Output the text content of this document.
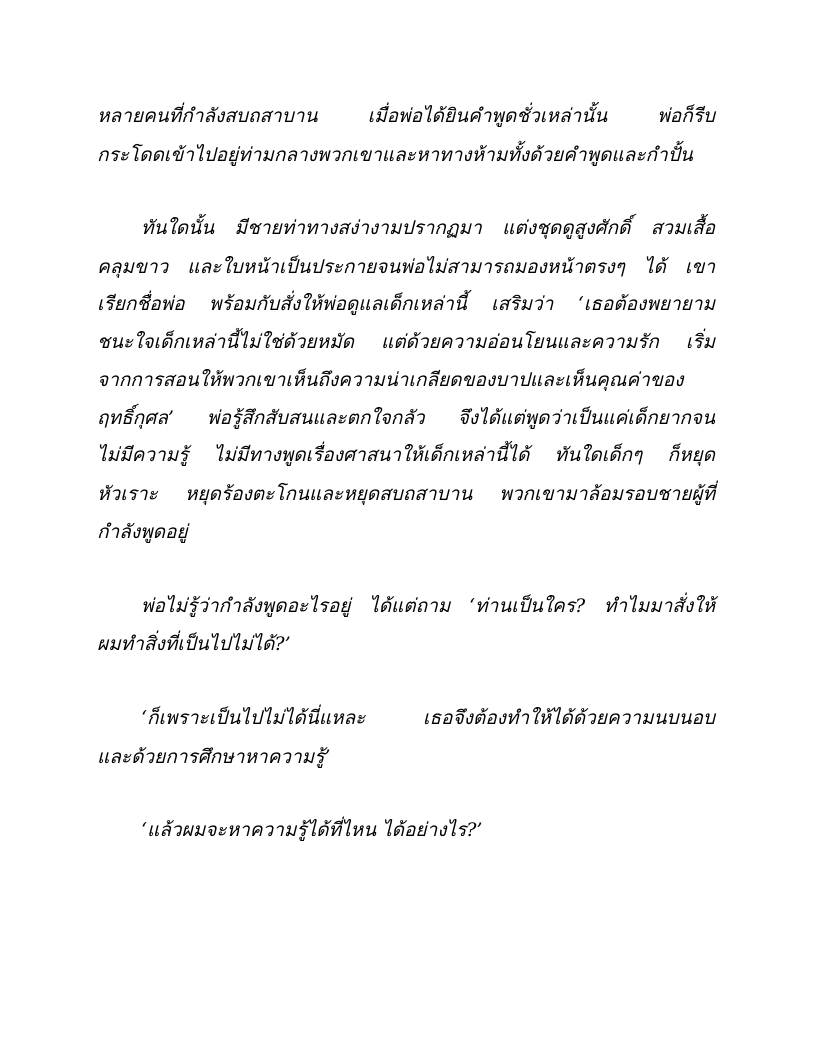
หลายคนที่กำลังสบถสาบาน เมื่อพ่อได้ยินคำพูดชั่วเหล่านั้น พ่อก็รีบ
กระโดดเข้าไปอยู่ท่ามกลางพวกเขาและหาทางห้ามทั้งด้วยคำพูดและกำปั้น
ทันใดนั้น มีชายท่าทางสง่างามปรากฏมา แต่งชุดดูสูงศักดิ์ สวมเสื้อ
คลุมขาว และใบหน้าเป็นประกายจนพ่อไม่สามารถมองหน้าตรงๆ ได้ เขา
เรียกชื่อพ่อ พร้อมกับสั่งให้พ่อดูแลเด็กเหล่านี้ เสริมว่า ‘เธอต้องพยายาม
ชนะใจเด็กเหล่านี้ไม่ใช่ด้วยหมัด แต่ด้วยความอ่อนโยนและความรัก เริ่ม
จากการสอนให้พวกเขาเห็นถึงความน่าเกลียดของบาปและเห็นคุณค่าของ
ฤทธิ์กุศล’ พ่อรู้สึกสับสนและตกใจกลัว จึงได้แต่พูดว่าเป็นแค่เด็กยากจน
ไม่มีความรู้ ไม่มีทางพูดเรื่องศาสนาให้เด็กเหล่านี้ได้ ทันใดเด็กๆ ก็หยุด
หัวเราะ หยุดร้องตะโกนและหยุดสบถสาบาน พวกเขามาล้อมรอบชายผู้ที่
กำลังพูดอยู่
พ่อไม่รู้ว่ากำลังพูดอะไรอยู่ ได้แต่ถาม ‘ท่านเป็นใคร? ทำไมมาสั่งให้
ผมทำสิ่งที่เป็นไปไม่ได้?’
‘ก็เพราะเป็นไปไม่ได้นี่แหละ เธอจึงต้องทำให้ได้ด้วยความนบนอบ
และด้วยการศึกษาหาความรู้’
‘แล้วผมจะหาความรู้ได้ที่ไหน ได้อย่างไร?’
